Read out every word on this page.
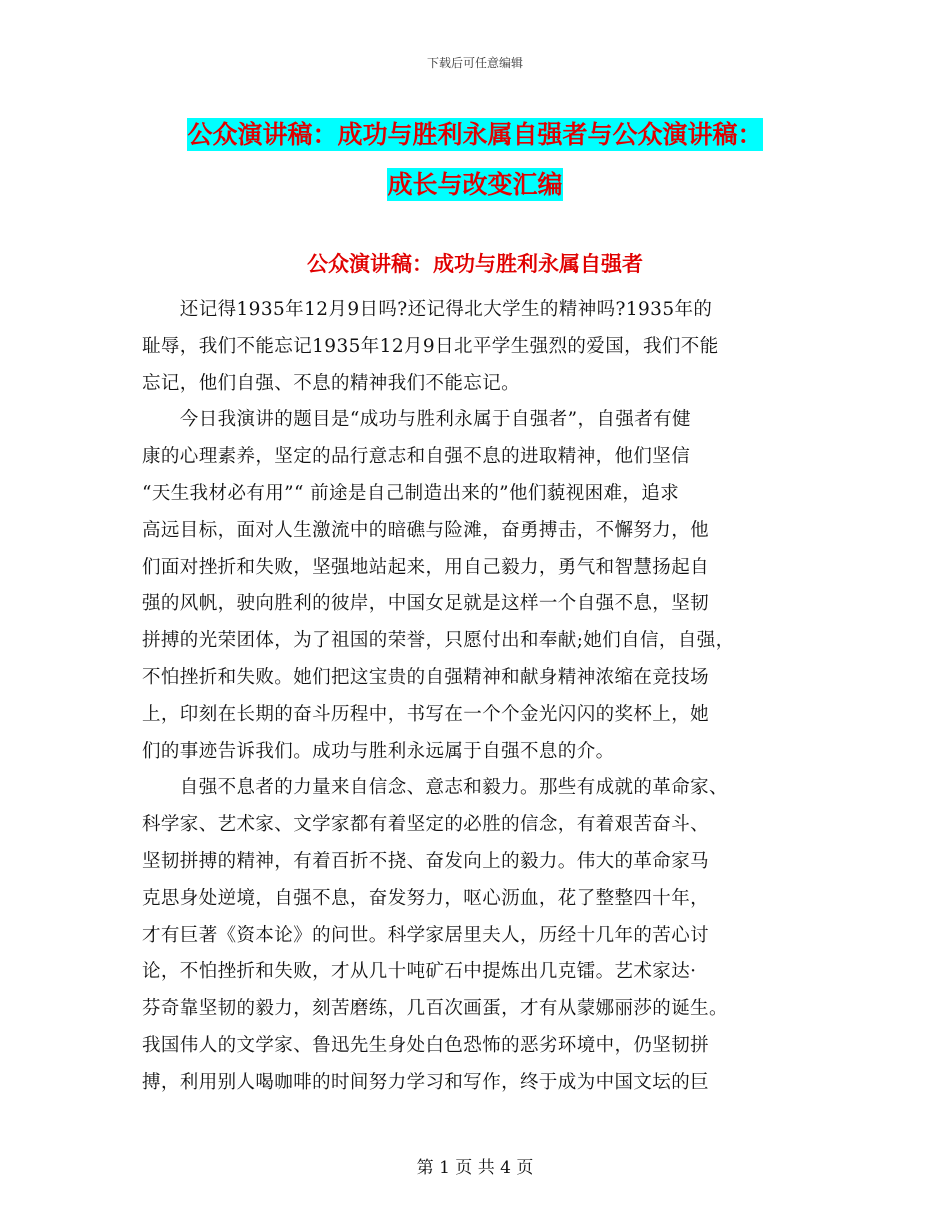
下载后可任意编辑
公众演讲稿：成功与胜利永属自强者与公众演讲稿：
成长与改变汇编
公众演讲稿：成功与胜利永属自强者
　　还记得1935年12月9日吗?还记得北大学生的精神吗?1935年的
耻辱，我们不能忘记1935年12月9日北平学生强烈的爱国，我们不能
忘记，他们自强、不息的精神我们不能忘记。
　　今日我演讲的题目是“成功与胜利永属于自强者”，自强者有健
康的心理素养，坚定的品行意志和自强不息的进取精神，他们坚信
“天生我材必有用”“ 前途是自己制造出来的”他们藐视困难，追求
高远目标，面对人生激流中的暗礁与险滩，奋勇搏击，不懈努力，他
们面对挫折和失败，坚强地站起来，用自己毅力，勇气和智慧扬起自
强的风帆，驶向胜利的彼岸，中国女足就是这样一个自强不息，坚韧
拼搏的光荣团体，为了祖国的荣誉，只愿付出和奉献;她们自信，自强，
不怕挫折和失败。她们把这宝贵的自强精神和献身精神浓缩在竞技场
上，印刻在长期的奋斗历程中，书写在一个个金光闪闪的奖杯上，她
们的事迹告诉我们。成功与胜利永远属于自强不息的介。
　　自强不息者的力量来自信念、意志和毅力。那些有成就的革命家、
科学家、艺术家、文学家都有着坚定的必胜的信念，有着艰苦奋斗、
坚韧拼搏的精神，有着百折不挠、奋发向上的毅力。伟大的革命家马
克思身处逆境，自强不息，奋发努力，呕心沥血，花了整整四十年，
才有巨著《资本论》的问世。科学家居里夫人，历经十几年的苦心讨
论，不怕挫折和失败，才从几十吨矿石中提炼出几克镭。艺术家达·
芬奇靠坚韧的毅力，刻苦磨练，几百次画蛋，才有从蒙娜丽莎的诞生。
我国伟人的文学家、鲁迅先生身处白色恐怖的恶劣环境中，仍坚韧拼
搏，利用别人喝咖啡的时间努力学习和写作，终于成为中国文坛的巨
第 1 页 共 4 页
